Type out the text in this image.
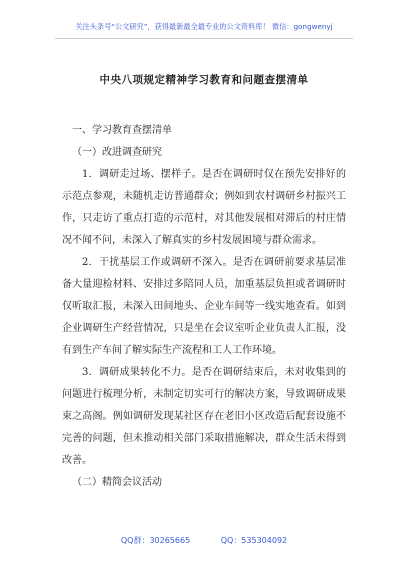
关注头条号“公文研究”，获得最新最全最专业的公文资料库！ 微信：gongwenyj
中央八项规定精神学习教育和问题查摆清单

一、学习教育查摆清单

（一）改进调查研究

1．调研走过场、摆样子。是否在调研时仅在预先安排好的示范点参观，未随机走访普通群众；例如到农村调研乡村振兴工作，只走访了重点打造的示范村，对其他发展相对滞后的村庄情况不闻不问，未深入了解真实的乡村发展困境与群众需求。

2．干扰基层工作或调研不深入。是否在调研前要求基层准备大量迎检材料、安排过多陪同人员，加重基层负担或者调研时仅听取汇报，未深入田间地头、企业车间等一线实地查看。如到企业调研生产经营情况，只是坐在会议室听企业负责人汇报，没有到生产车间了解实际生产流程和工人工作环境。

3．调研成果转化不力。是否在调研结束后，未对收集到的问题进行梳理分析，未制定切实可行的解决方案，导致调研成果束之高阁。例如调研发现某社区存在老旧小区改造后配套设施不完善的问题，但未推动相关部门采取措施解决，群众生活未得到改善。

（二）精简会议活动

QQ群：30265665	QQ：535304092
